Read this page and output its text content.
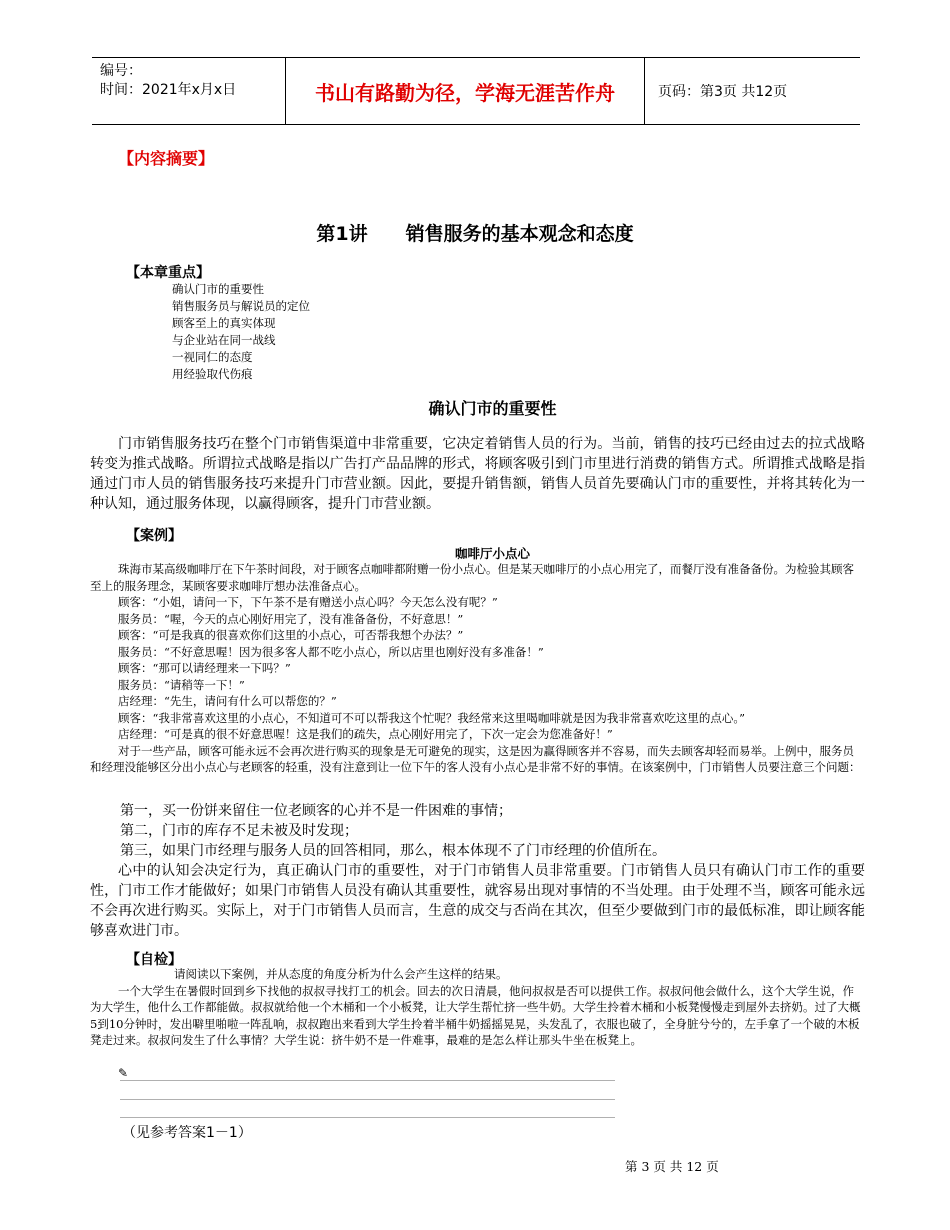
编号：
时间：2021年x月x日	书山有路勤为径，学海无涯苦作舟	页码：第3页 共12页
【内容摘要】
第1讲 销售服务的基本观念和态度
【本章重点】
确认门市的重要性
销售服务员与解说员的定位
顾客至上的真实体现
与企业站在同一战线
一视同仁的态度
用经验取代伤痕
确认门市的重要性

门市销售服务技巧在整个门市销售渠道中非常重要，它决定着销售人员的行为。当前，销售的技巧已经由过去的拉式战略转变为推式战略。所谓拉式战略是指以广告打产品品牌的形式，将顾客吸引到门市里进行消费的销售方式。所谓推式战略是指通过门市人员的销售服务技巧来提升门市营业额。因此，要提升销售额，销售人员首先要确认门市的重要性，并将其转化为一种认知，通过服务体现，以赢得顾客，提升门市营业额。

【案例】
咖啡厅小点心

珠海市某高级咖啡厅在下午茶时间段，对于顾客点咖啡都附赠一份小点心。但是某天咖啡厅的小点心用完了，而餐厅没有准备备份。为检验其顾客至上的服务理念，某顾客要求咖啡厅想办法准备点心。

顾客：“小姐，请问一下，下午茶不是有赠送小点心吗？今天怎么没有呢？”

服务员：“喔，今天的点心刚好用完了，没有准备备份，不好意思！”

顾客：“可是我真的很喜欢你们这里的小点心，可否帮我想个办法？”

服务员：“不好意思喔！因为很多客人都不吃小点心，所以店里也刚好没有多准备！”

顾客：“那可以请经理来一下吗？”

服务员：“请稍等一下！”

店经理：“先生，请问有什么可以帮您的？”

顾客：“我非常喜欢这里的小点心，不知道可不可以帮我这个忙呢？我经常来这里喝咖啡就是因为我非常喜欢吃这里的点心。”

店经理：“可是真的很不好意思喔！这是我们的疏失，点心刚好用完了，下次一定会为您准备好！”

对于一些产品，顾客可能永远不会再次进行购买的现象是无可避免的现实，这是因为赢得顾客并不容易，而失去顾客却轻而易举。上例中，服务员和经理没能够区分出小点心与老顾客的轻重，没有注意到让一位下午的客人没有小点心是非常不好的事情。在该案例中，门市销售人员要注意三个问题：

第一，买一份饼来留住一位老顾客的心并不是一件困难的事情；
第二，门市的库存不足未被及时发现；
第三，如果门市经理与服务人员的回答相同，那么，根本体现不了门市经理的价值所在。

心中的认知会决定行为，真正确认门市的重要性，对于门市销售人员非常重要。门市销售人员只有确认门市工作的重要性，门市工作才能做好；如果门市销售人员没有确认其重要性，就容易出现对事情的不当处理。由于处理不当，顾客可能永远不会再次进行购买。实际上，对于门市销售人员而言，生意的成交与否尚在其次，但至少要做到门市的最低标准，即让顾客能够喜欢进门市。

【自检】

请阅读以下案例，并从态度的角度分析为什么会产生这样的结果。

一个大学生在暑假时回到乡下找他的叔叔寻找打工的机会。回去的次日清晨，他问叔叔是否可以提供工作。叔叔问他会做什么，这个大学生说，作为大学生，他什么工作都能做。叔叔就给他一个木桶和一个小板凳，让大学生帮忙挤一些牛奶。大学生拎着木桶和小板凳慢慢走到屋外去挤奶。过了大概5到10分钟时，发出噼里啪啦一阵乱响，叔叔跑出来看到大学生拎着半桶牛奶摇摇晃晃，头发乱了，衣服也破了，全身脏兮兮的，左手拿了一个破的木板凳走过来。叔叔问发生了什么事情？大学生说：挤牛奶不是一件难事，最难的是怎么样让那头牛坐在板凳上。

✎
（见参考答案1－1）
第 3 页 共 12 页
